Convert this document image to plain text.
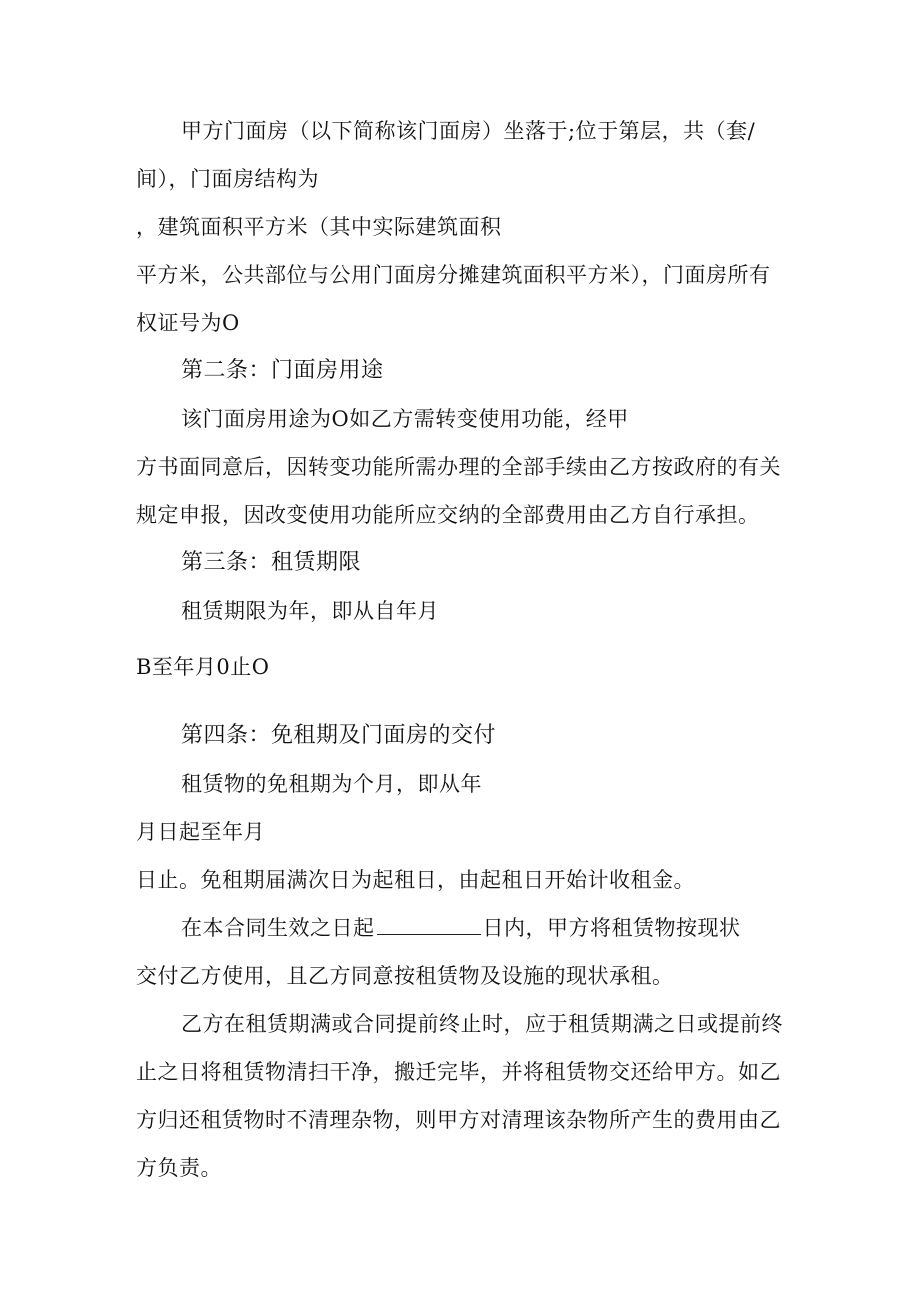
甲方门面房（以下简称该门面房）坐落于;位于第层，共（套/
间），门面房结构为
，建筑面积平方米（其中实际建筑面积
平方米，公共部位与公用门面房分摊建筑面积平方米），门面房所有
权证号为O
第二条：门面房用途
该门面房用途为O如乙方需转变使用功能，经甲
方书面同意后，因转变功能所需办理的全部手续由乙方按政府的有关
规定申报，因改变使用功能所应交纳的全部费用由乙方自行承担。
第三条：租赁期限
租赁期限为年，即从自年月
B至年月0止O
第四条：免租期及门面房的交付
租赁物的免租期为个月，即从年
月日起至年月
日止。免租期届满次日为起租日，由起租日开始计收租金。
在本合同生效之日起	日内，甲方将租赁物按现状
交付乙方使用，且乙方同意按租赁物及设施的现状承租。
乙方在租赁期满或合同提前终止时，应于租赁期满之日或提前终
止之日将租赁物清扫干净，搬迁完毕，并将租赁物交还给甲方。如乙
方归还租赁物时不清理杂物，则甲方对清理该杂物所产生的费用由乙
方负责。
